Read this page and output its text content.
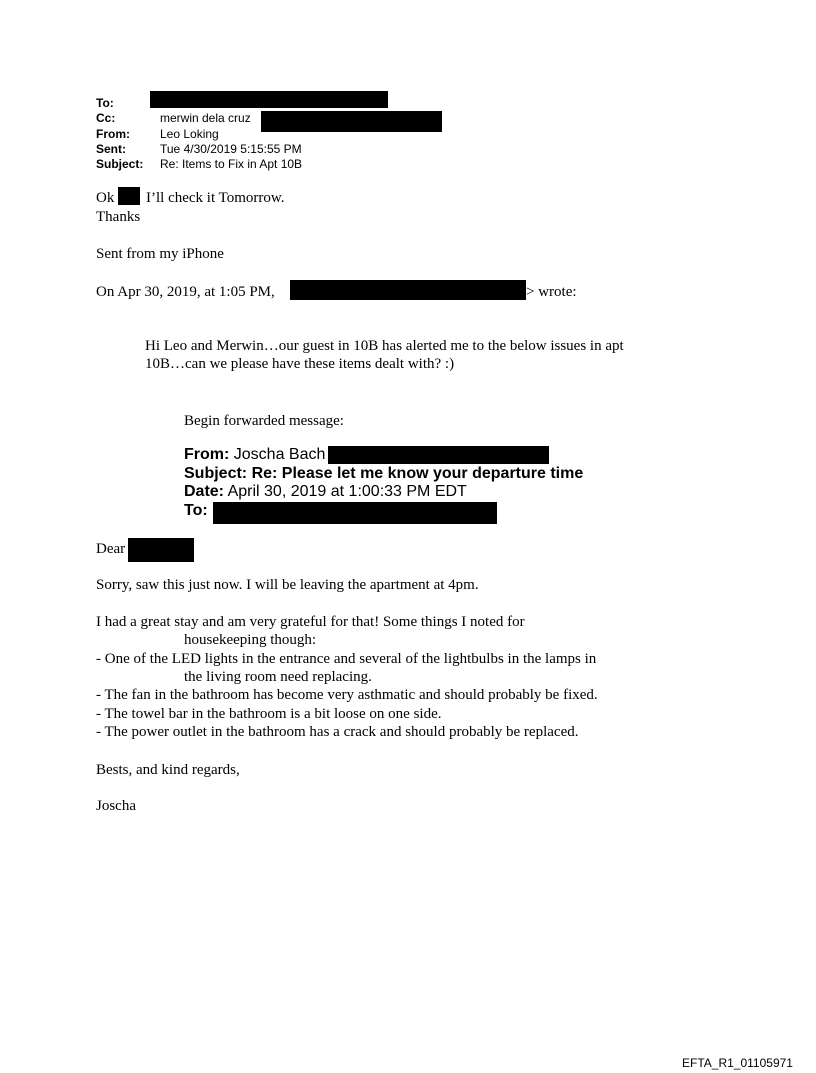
To:
Cc:	merwin dela cruz
From:	Leo Loking
Sent:	Tue 4/30/2019 5:15:55 PM
Subject: Re: Items to Fix in Apt 10B
Ok I’ll check it Tomorrow.
Thanks
Sent from my iPhone
On Apr 30, 2019, at 1:05 PM,	> wrote:
Hi Leo and Merwin…our guest in 10B has alerted me to the below issues in apt
10B…can we please have these items dealt with? :)
Begin forwarded message:
From: Joscha Bach
Subject: Re: Please let me know your departure time
Date: April 30, 2019 at 1:00:33 PM EDT
To:
Dear
Sorry, saw this just now. I will be leaving the apartment at 4pm.
I had a great stay and am very grateful for that! Some things I noted for
housekeeping though:
- One of the LED lights in the entrance and several of the lightbulbs in the lamps in
the living room need replacing.
- The fan in the bathroom has become very asthmatic and should probably be fixed.
- The towel bar in the bathroom is a bit loose on one side.
- The power outlet in the bathroom has a crack and should probably be replaced.
Bests, and kind regards,
Joscha
EFTA_R1_01105971
